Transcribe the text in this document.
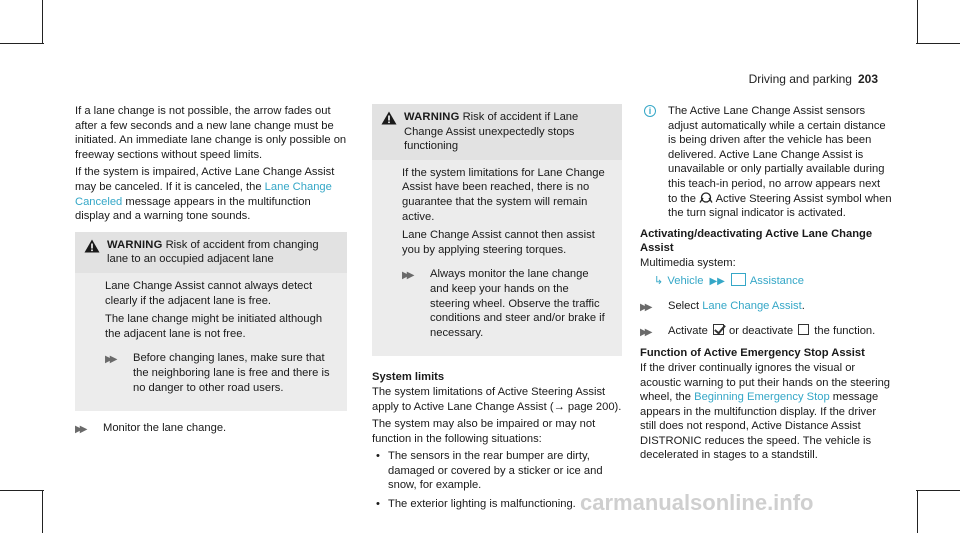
Driving and parking 203

If a lane change is not possible, the arrow fades out after a few seconds and a new lane change must be initiated. An immediate lane change is only possible on freeway sections without speed limits.

If the system is impaired, Active Lane Change Assist may be canceled. If it is canceled, the Lane Change Canceled message appears in the multifunction display and a warning tone sounds.

WARNING Risk of accident from changing lane to an occupied adjacent lane

Lane Change Assist cannot always detect clearly if the adjacent lane is free.

The lane change might be initiated although the adjacent lane is not free.

▶▶ Before changing lanes, make sure that the neighboring lane is free and there is no danger to other road users.
▶▶ Monitor the lane change.
WARNING Risk of accident if Lane Change Assist unexpectedly stops functioning

If the system limitations for Lane Change Assist have been reached, there is no guarantee that the system will remain active.

Lane Change Assist cannot then assist you by applying steering torques.

▶▶ Always monitor the lane change and keep your hands on the steering wheel. Observe the traffic conditions and steer and/or brake if necessary.
System limits

The system limitations of Active Steering Assist apply to Active Lane Change Assist (→ page 200).

The system may also be impaired or may not function in the following situations:

• The sensors in the rear bumper are dirty, damaged or covered by a sticker or ice and snow, for example.
• The exterior lighting is malfunctioning.
i	The Active Lane Change Assist sensors adjust automatically while a certain distance is being driven after the vehicle has been delivered. Active Lane Change Assist is unavailable or only partially available during this teach-in period, no arrow appears next to the  Active Steering Assist symbol when the turn signal indicator is activated.
Activating/deactivating Active Lane Change Assist

Multimedia system:

↳ Vehicle ▶▶ Assistance
▶▶ Select Lane Change Assist.
▶▶ Activate  or deactivate  the function.
Function of Active Emergency Stop Assist

If the driver continually ignores the visual or acoustic warning to put their hands on the steering wheel, the Beginning Emergency Stop message appears in the multifunction display. If the driver still does not respond, Active Distance Assist DISTRONIC reduces the speed. The vehicle is decelerated in stages to a standstill.

carmanualsonline.info
